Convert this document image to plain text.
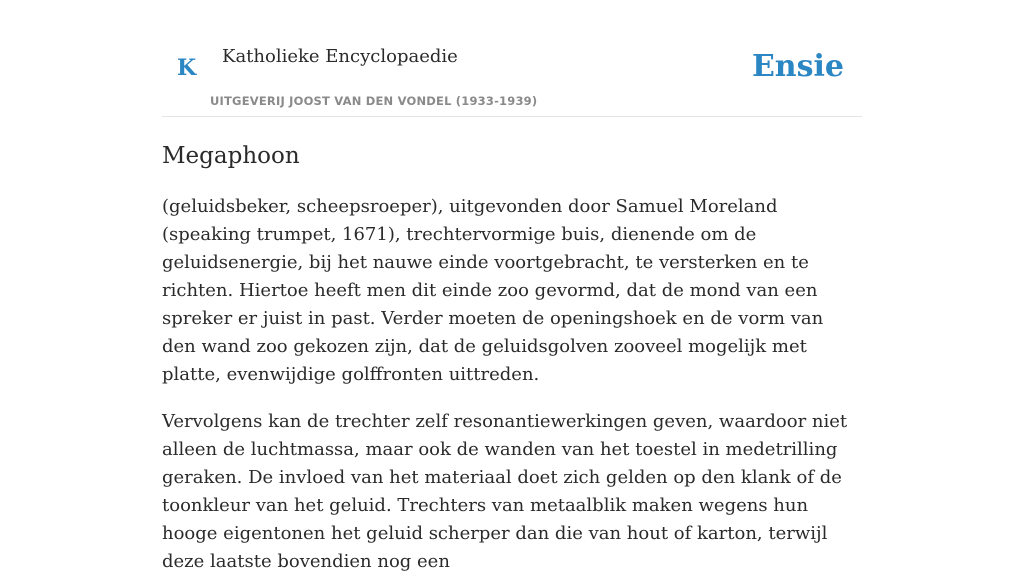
K Katholieke Encyclopaedie
UITGEVERIJ JOOST VAN DEN VONDEL (1933-1939)
Ensie
Megaphoon

(geluidsbeker, scheepsroeper), uitgevonden door Samuel Moreland (speaking trumpet, 1671), trechtervormige buis, dienende om de geluidsenergie, bij het nauwe einde voortgebracht, te versterken en te richten. Hiertoe heeft men dit einde zoo gevormd, dat de mond van een spreker er juist in past. Verder moeten de openingshoek en de vorm van den wand zoo gekozen zijn, dat de geluidsgolven zooveel mogelijk met platte, evenwijdige golffronten uittreden.

Vervolgens kan de trechter zelf resonantiewerkingen geven, waardoor niet alleen de luchtmassa, maar ook de wanden van het toestel in medetrilling geraken. De invloed van het materiaal doet zich gelden op den klank of de toonkleur van het geluid. Trechters van metaalblik maken wegens hun hooge eigentonen het geluid scherper dan die van hout of karton, terwijl deze laatste bovendien nog een
